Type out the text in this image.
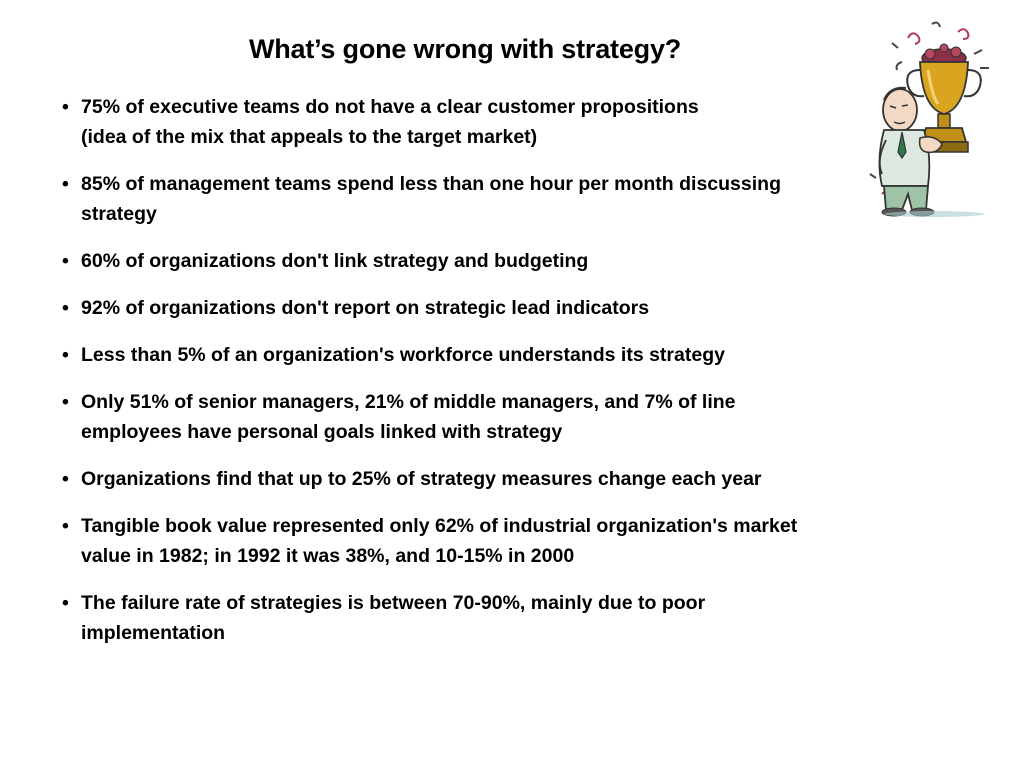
What’s gone wrong with strategy?
• 75% of executive teams do not have a clear customer propositions
(idea of the mix that appeals to the target market)
• 85% of management teams spend less than one hour per month discussing
strategy
• 60% of organizations don't link strategy and budgeting
• 92% of organizations don't report on strategic lead indicators
• Less than 5% of an organization's workforce understands its strategy
• Only 51% of senior managers, 21% of middle managers, and 7% of line
employees have personal goals linked with strategy
• Organizations find that up to 25% of strategy measures change each year
• Tangible book value represented only 62% of industrial organization's market
value in 1982; in 1992 it was 38%, and 10-15% in 2000
• The failure rate of strategies is between 70-90%, mainly due to poor
implementation
